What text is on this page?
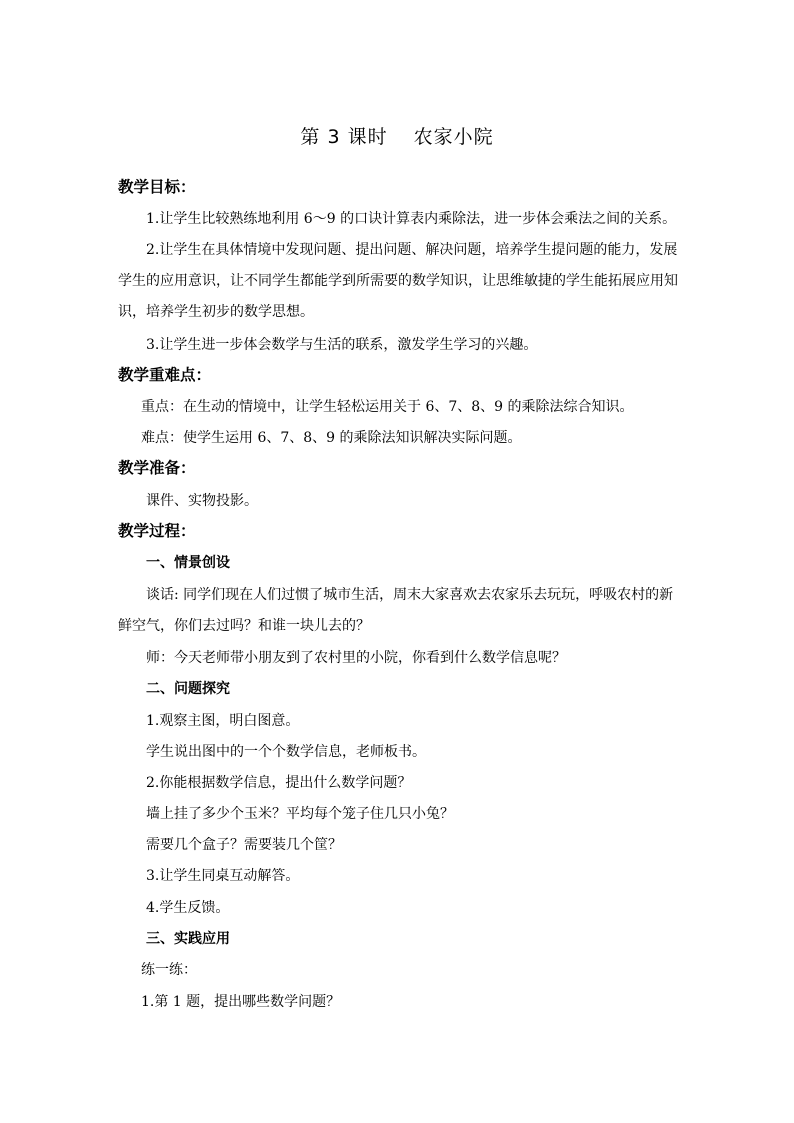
第 3 课时 农家小院
教学目标：
1.让学生比较熟练地利用 6～9 的口诀计算表内乘除法，进一步体会乘法之间的关系。
2.让学生在具体情境中发现问题、提出问题、解决问题，培养学生提问题的能力，发展
学生的应用意识，让不同学生都能学到所需要的数学知识，让思维敏捷的学生能拓展应用知
识，培养学生初步的数学思想。
3.让学生进一步体会数学与生活的联系，激发学生学习的兴趣。
教学重难点：
重点：在生动的情境中，让学生轻松运用关于 6、7、8、9 的乘除法综合知识。
难点：使学生运用 6、7、8、9 的乘除法知识解决实际问题。
教学准备：
课件、实物投影。
教学过程：
一、情景创设
谈话: 同学们现在人们过惯了城市生活，周末大家喜欢去农家乐去玩玩，呼吸农村的新
鲜空气，你们去过吗？和谁一块儿去的？
师：今天老师带小朋友到了农村里的小院，你看到什么数学信息呢？
二、问题探究
1.观察主图，明白图意。
学生说出图中的一个个数学信息，老师板书。
2.你能根据数学信息，提出什么数学问题？
墙上挂了多少个玉米？平均每个笼子住几只小兔？
需要几个盒子？需要装几个筐？
3.让学生同桌互动解答。
4.学生反馈。
三、实践应用
练一练：
1.第 1 题，提出哪些数学问题？
